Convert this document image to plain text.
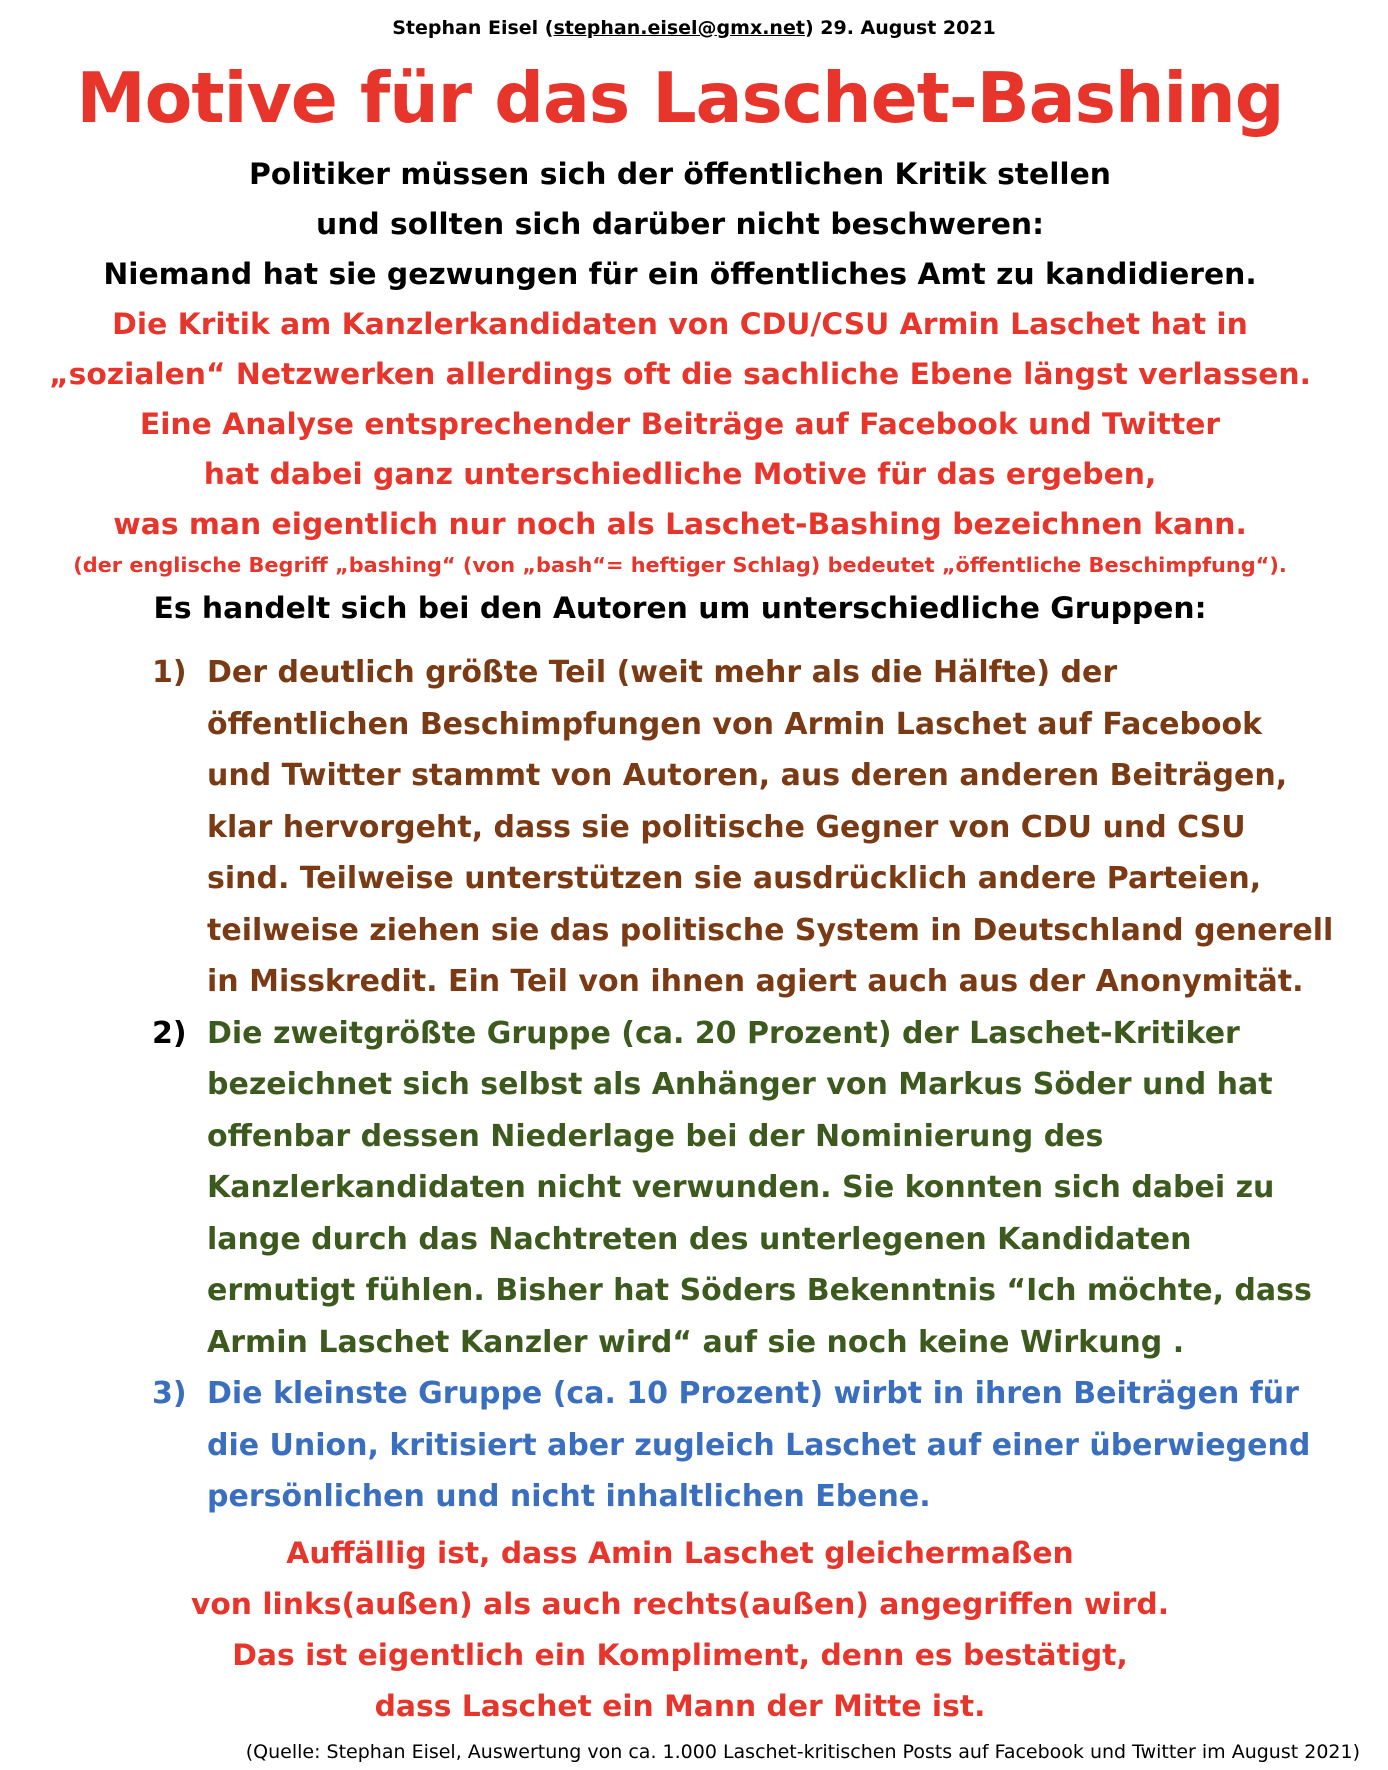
Stephan Eisel (stephan.eisel@gmx.net) 29. August 2021
Motive für das Laschet-Bashing
Politiker müssen sich der öffentlichen Kritik stellen
und sollten sich darüber nicht beschweren:
Niemand hat sie gezwungen für ein öffentliches Amt zu kandidieren.
Die Kritik am Kanzlerkandidaten von CDU/CSU Armin Laschet hat in
„sozialen“ Netzwerken allerdings oft die sachliche Ebene längst verlassen.
Eine Analyse entsprechender Beiträge auf Facebook und Twitter
hat dabei ganz unterschiedliche Motive für das ergeben,
was man eigentlich nur noch als Laschet-Bashing bezeichnen kann.
(der englische Begriff „bashing“ (von „bash“= heftiger Schlag) bedeutet „öffentliche Beschimpfung“).
Es handelt sich bei den Autoren um unterschiedliche Gruppen:
1) Der deutlich größte Teil (weit mehr als die Hälfte) der
öffentlichen Beschimpfungen von Armin Laschet auf Facebook
und Twitter stammt von Autoren, aus deren anderen Beiträgen,
klar hervorgeht, dass sie politische Gegner von CDU und CSU
sind. Teilweise unterstützen sie ausdrücklich andere Parteien,
teilweise ziehen sie das politische System in Deutschland generell
in Misskredit. Ein Teil von ihnen agiert auch aus der Anonymität.
2) Die zweitgrößte Gruppe (ca. 20 Prozent) der Laschet-Kritiker
bezeichnet sich selbst als Anhänger von Markus Söder und hat
offenbar dessen Niederlage bei der Nominierung des
Kanzlerkandidaten nicht verwunden. Sie konnten sich dabei zu
lange durch das Nachtreten des unterlegenen Kandidaten
ermutigt fühlen. Bisher hat Söders Bekenntnis “Ich möchte, dass
Armin Laschet Kanzler wird“ auf sie noch keine Wirkung .
3) Die kleinste Gruppe (ca. 10 Prozent) wirbt in ihren Beiträgen für
die Union, kritisiert aber zugleich Laschet auf einer überwiegend
persönlichen und nicht inhaltlichen Ebene.
Auffällig ist, dass Amin Laschet gleichermaßen
von links(außen) als auch rechts(außen) angegriffen wird.
Das ist eigentlich ein Kompliment, denn es bestätigt,
dass Laschet ein Mann der Mitte ist.
(Quelle: Stephan Eisel, Auswertung von ca. 1.000 Laschet-kritischen Posts auf Facebook und Twitter im August 2021)
